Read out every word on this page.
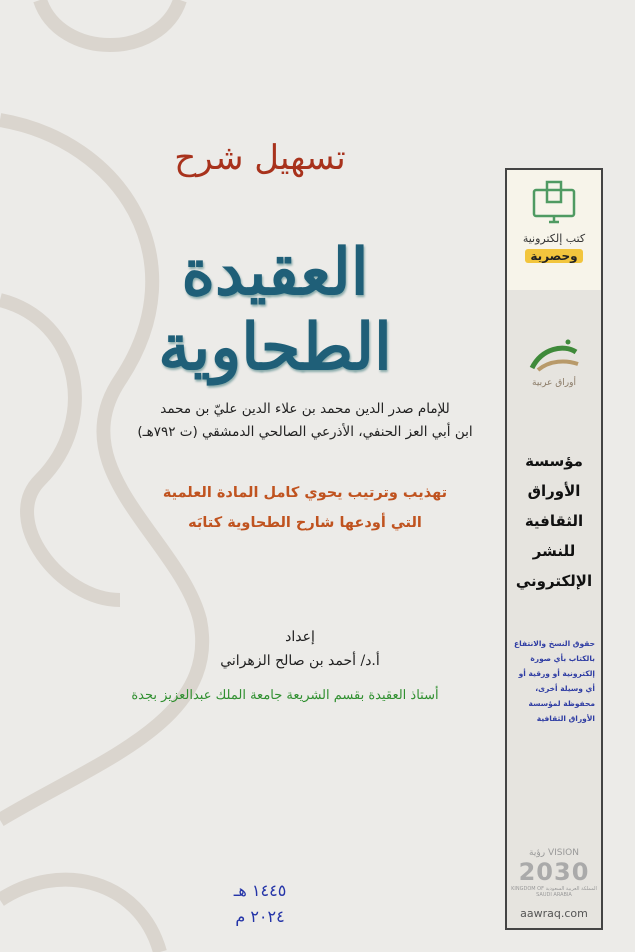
تسهيل شرح
العقيدة الطحاوية
للإمام صدر الدين محمد بن علاء الدين عليّ بن محمد
ابن أبي العز الحنفي، الأذرعي الصالحي الدمشقي (ت ٧٩٢هـ)
تهذيب وترتيب يحوي كامل المادة العلمية
التي أودعها شارح الطحاوية كتابَه
إعداد
أ.د/ أحمد بن صالح الزهراني
أستاذ العقيدة بقسم الشريعة جامعة الملك عبدالعزيز بجدة
١٤٤٥ هـ
٢٠٢٤ م
كتب إلكترونية
وحصرية
أوراق عربية
مؤسسة
الأوراق
الثقافية
للنشر
الإلكتروني
حقوق النسخ والانتفاع بالكتاب بأي صورة إلكترونية أو ورقية أو أي وسيلة أخرى، محفوظة لمؤسسة الأوراق الثقافية
VISION رؤية
2030
المملكة العربية السعودية KINGDOM OF SAUDI ARABIA
aawraq.com
